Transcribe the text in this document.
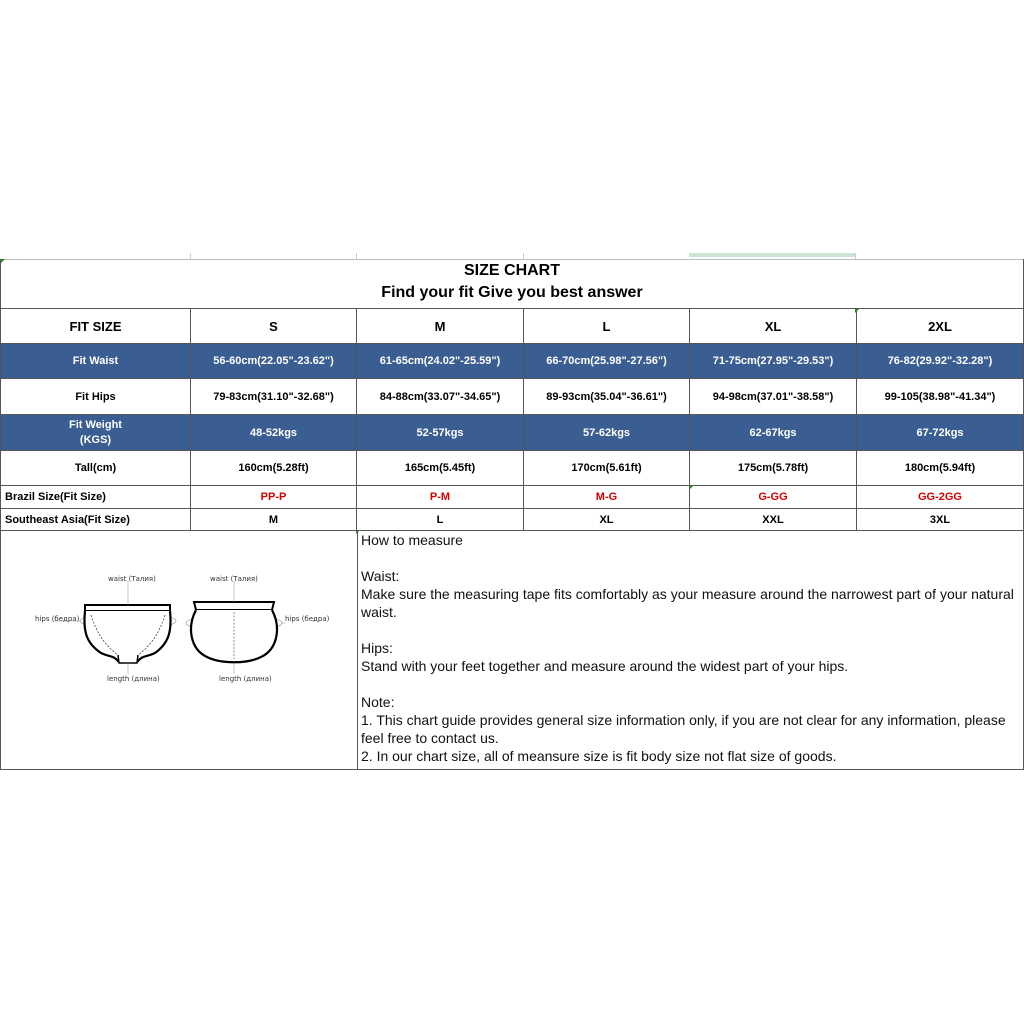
SIZE CHART
Find your fit Give you best answer
FIT SIZE	S	M	L	XL	2XL
Fit Waist	56-60cm(22.05"-23.62")	61-65cm(24.02"-25.59")	66-70cm(25.98"-27.56")	71-75cm(27.95"-29.53")	76-82(29.92"-32.28")
Fit Hips	79-83cm(31.10"-32.68")	84-88cm(33.07"-34.65")	89-93cm(35.04"-36.61")	94-98cm(37.01"-38.58")	99-105(38.98"-41.34")

Fit Weight
(KGS)	48-52kgs	52-57kgs	57-62kgs	62-67kgs	67-72kgs
Tall(cm)	160cm(5.28ft)	165cm(5.45ft)	170cm(5.61ft)	175cm(5.78ft)	180cm(5.94ft)
Brazil Size(Fit Size)	PP-P	P-M	M-G	G-GG	GG-2GG
Southeast Asia(Fit Size)	M	L	XL	XXL	3XL
waist (Талия)
hips (бедра)
length (длина)
waist (Талия)
hips (бедра)
length (длина)

How to measure

Waist:

Make sure the measuring tape fits comfortably as your measure around the narrowest part of your natural waist.

Hips:

Stand with your feet together and measure around the widest part of your hips.

Note:

1. This chart guide provides general size information only, if you are not clear for any information, please feel free to contact us.

2. In our chart size, all of meansure size is fit body size not flat size of goods.
